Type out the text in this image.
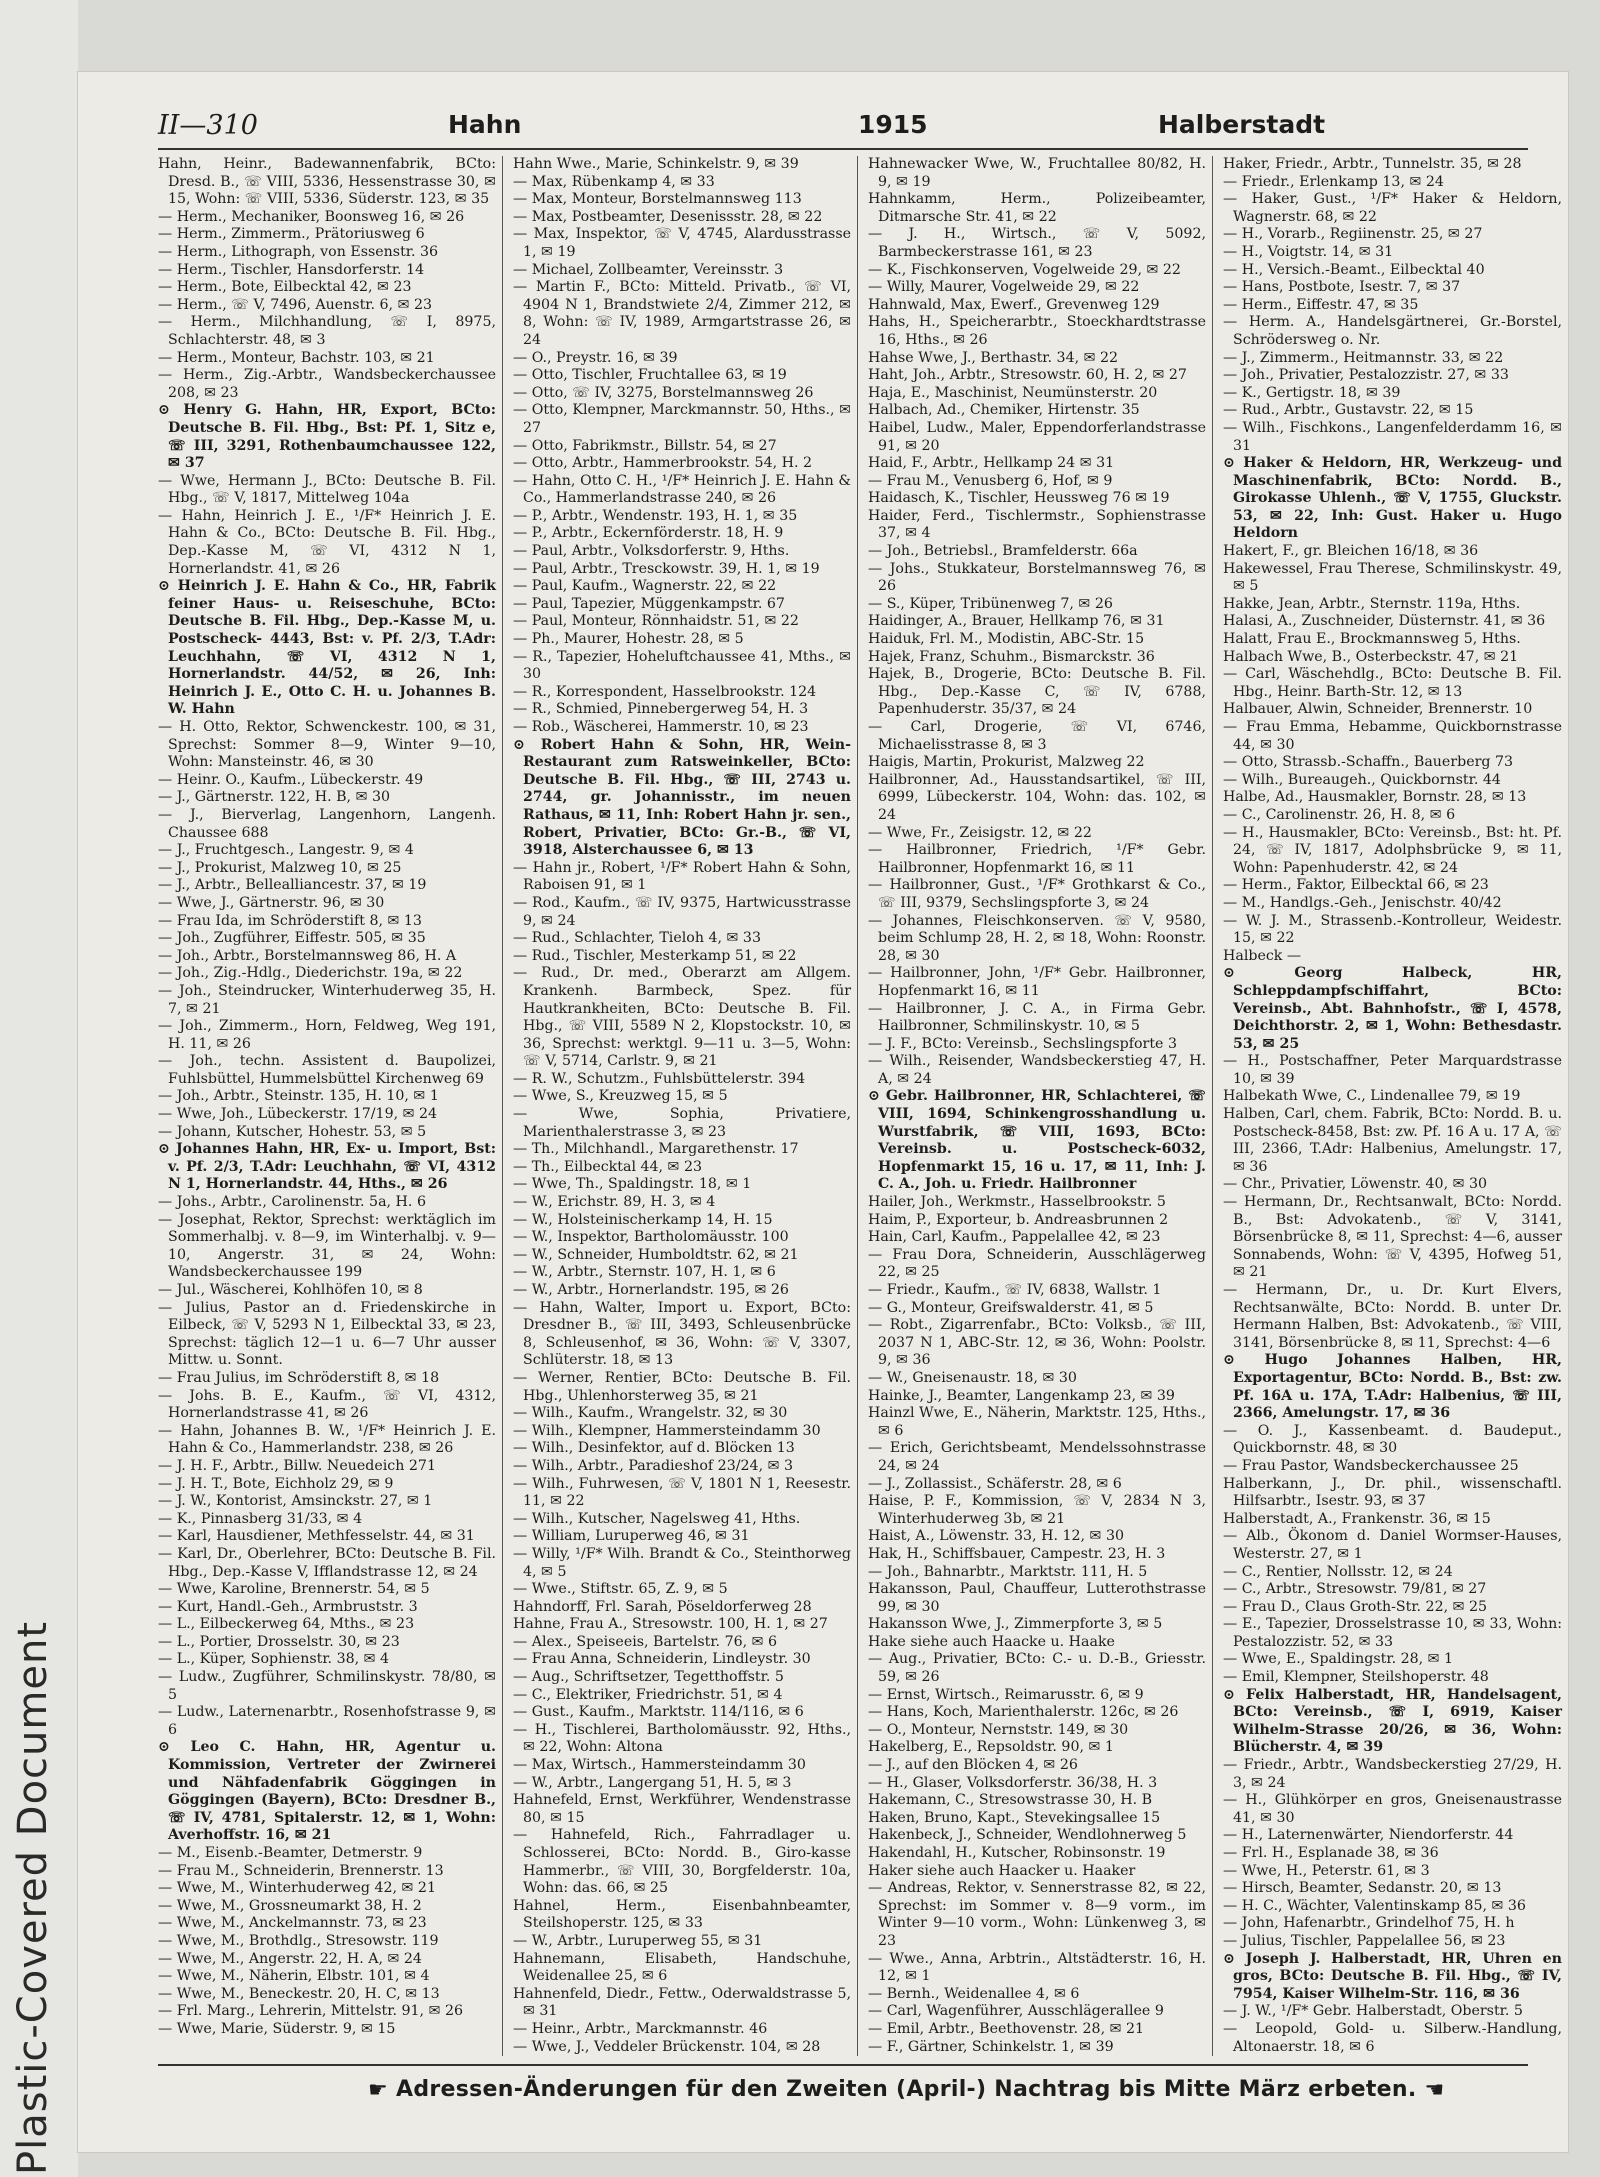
Plastic-Covered Document
II—310	Hahn	1915	Halberstadt

Hahn, Heinr., Badewannenfabrik, BCto: Dresd. B., ☏ VIII, 5336, Hessenstrasse 30, ✉ 15, Wohn: ☏ VIII, 5336, Süderstr. 123, ✉ 35

— Herm., Mechaniker, Boonsweg 16, ✉ 26

— Herm., Zimmerm., Prätoriusweg 6

— Herm., Lithograph, von Essenstr. 36

— Herm., Tischler, Hansdorferstr. 14

— Herm., Bote, Eilbecktal 42, ✉ 23

— Herm., ☏ V, 7496, Auenstr. 6, ✉ 23

— Herm., Milchhandlung, ☏ I, 8975, Schlachterstr. 48, ✉ 3

— Herm., Monteur, Bachstr. 103, ✉ 21

— Herm., Zig.-Arbtr., Wandsbeckerchaussee 208, ✉ 23

⊙ Henry G. Hahn, HR, Export, BCto: Deutsche B. Fil. Hbg., Bst: Pf. 1, Sitz e, ☏ III, 3291, Rothenbaumchaussee 122, ✉ 37

— Wwe, Hermann J., BCto: Deutsche B. Fil. Hbg., ☏ V, 1817, Mittelweg 104a

— Hahn, Heinrich J. E., ¹/F* Heinrich J. E. Hahn & Co., BCto: Deutsche B. Fil. Hbg., Dep.-Kasse M, ☏ VI, 4312 N 1, Hornerlandstr. 41, ✉ 26

⊙ Heinrich J. E. Hahn & Co., HR, Fabrik feiner Haus- u. Reiseschuhe, BCto: Deutsche B. Fil. Hbg., Dep.-Kasse M, u. Postscheck- 4443, Bst: v. Pf. 2/3, T.Adr: Leuchhahn, ☏ VI, 4312 N 1, Hornerlandstr. 44/52, ✉ 26, Inh: Heinrich J. E., Otto C. H. u. Johannes B. W. Hahn

— H. Otto, Rektor, Schwenckestr. 100, ✉ 31, Sprechst: Sommer 8—9, Winter 9—10, Wohn: Mansteinstr. 46, ✉ 30

— Heinr. O., Kaufm., Lübeckerstr. 49

— J., Gärtnerstr. 122, H. B, ✉ 30

— J., Bierverlag, Langenhorn, Langenh. Chaussee 688

— J., Fruchtgesch., Langestr. 9, ✉ 4

— J., Prokurist, Malzweg 10, ✉ 25

— J., Arbtr., Bellealliancestr. 37, ✉ 19

— Wwe, J., Gärtnerstr. 96, ✉ 30

— Frau Ida, im Schröderstift 8, ✉ 13

— Joh., Zugführer, Eiffestr. 505, ✉ 35

— Joh., Arbtr., Borstelmannsweg 86, H. A

— Joh., Zig.-Hdlg., Diederichstr. 19a, ✉ 22

— Joh., Steindrucker, Winterhuderweg 35, H. 7, ✉ 21

— Joh., Zimmerm., Horn, Feldweg, Weg 191, H. 11, ✉ 26

— Joh., techn. Assistent d. Baupolizei, Fuhlsbüttel, Hummelsbüttel Kirchenweg 69

— Joh., Arbtr., Steinstr. 135, H. 10, ✉ 1

— Wwe, Joh., Lübeckerstr. 17/19, ✉ 24

— Johann, Kutscher, Hohestr. 53, ✉ 5

⊙ Johannes Hahn, HR, Ex- u. Import, Bst: v. Pf. 2/3, T.Adr: Leuchhahn, ☏ VI, 4312 N 1, Hornerlandstr. 44, Hths., ✉ 26

— Johs., Arbtr., Carolinenstr. 5a, H. 6

— Josephat, Rektor, Sprechst: werktäglich im Sommerhalbj. v. 8—9, im Winterhalbj. v. 9—10, Angerstr. 31, ✉ 24, Wohn: Wandsbeckerchaussee 199

— Jul., Wäscherei, Kohlhöfen 10, ✉ 8

— Julius, Pastor an d. Friedenskirche in Eilbeck, ☏ V, 5293 N 1, Eilbecktal 33, ✉ 23, Sprechst: täglich 12—1 u. 6—7 Uhr ausser Mittw. u. Sonnt.

— Frau Julius, im Schröderstift 8, ✉ 18

— Johs. B. E., Kaufm., ☏ VI, 4312, Hornerlandstrasse 41, ✉ 26

— Hahn, Johannes B. W., ¹/F* Heinrich J. E. Hahn & Co., Hammerlandstr. 238, ✉ 26

— J. H. F., Arbtr., Billw. Neuedeich 271

— J. H. T., Bote, Eichholz 29, ✉ 9

— J. W., Kontorist, Amsinckstr. 27, ✉ 1

— K., Pinnasberg 31/33, ✉ 4

— Karl, Hausdiener, Methfesselstr. 44, ✉ 31

— Karl, Dr., Oberlehrer, BCto: Deutsche B. Fil. Hbg., Dep.-Kasse V, Ifflandstrasse 12, ✉ 24

— Wwe, Karoline, Brennerstr. 54, ✉ 5

— Kurt, Handl.-Geh., Armbruststr. 3

— L., Eilbeckerweg 64, Mths., ✉ 23

— L., Portier, Drosselstr. 30, ✉ 23

— L., Küper, Sophienstr. 38, ✉ 4

— Ludw., Zugführer, Schmilinskystr. 78/80, ✉ 5

— Ludw., Laternenarbtr., Rosenhofstrasse 9, ✉ 6

⊙ Leo C. Hahn, HR, Agentur u. Kommission, Vertreter der Zwirnerei und Nähfadenfabrik Göggingen in Göggingen (Bayern), BCto: Dresdner B., ☏ IV, 4781, Spitalerstr. 12, ✉ 1, Wohn: Averhoffstr. 16, ✉ 21

— M., Eisenb.-Beamter, Detmerstr. 9

— Frau M., Schneiderin, Brennerstr. 13

— Wwe, M., Winterhuderweg 42, ✉ 21

— Wwe, M., Grossneumarkt 38, H. 2

— Wwe, M., Anckelmannstr. 73, ✉ 23

— Wwe, M., Brothdlg., Stresowstr. 119

— Wwe, M., Angerstr. 22, H. A, ✉ 24

— Wwe, M., Näherin, Elbstr. 101, ✉ 4

— Wwe, M., Beneckestr. 20, H. C, ✉ 13

— Frl. Marg., Lehrerin, Mittelstr. 91, ✉ 26

— Wwe, Marie, Süderstr. 9, ✉ 15

Hahn Wwe., Marie, Schinkelstr. 9, ✉ 39

— Max, Rübenkamp 4, ✉ 33

— Max, Monteur, Borstelmannsweg 113

— Max, Postbeamter, Desenissstr. 28, ✉ 22

— Max, Inspektor, ☏ V, 4745, Alardusstrasse 1, ✉ 19

— Michael, Zollbeamter, Vereinsstr. 3

— Martin F., BCto: Mitteld. Privatb., ☏ VI, 4904 N 1, Brandstwiete 2/4, Zimmer 212, ✉ 8, Wohn: ☏ IV, 1989, Armgartstrasse 26, ✉ 24

— O., Preystr. 16, ✉ 39

— Otto, Tischler, Fruchtallee 63, ✉ 19

— Otto, ☏ IV, 3275, Borstelmannsweg 26

— Otto, Klempner, Marckmannstr. 50, Hths., ✉ 27

— Otto, Fabrikmstr., Billstr. 54, ✉ 27

— Otto, Arbtr., Hammerbrookstr. 54, H. 2

— Hahn, Otto C. H., ¹/F* Heinrich J. E. Hahn & Co., Hammerlandstrasse 240, ✉ 26

— P., Arbtr., Wendenstr. 193, H. 1, ✉ 35

— P., Arbtr., Eckernförderstr. 18, H. 9

— Paul, Arbtr., Volksdorferstr. 9, Hths.

— Paul, Arbtr., Tresckowstr. 39, H. 1, ✉ 19

— Paul, Kaufm., Wagnerstr. 22, ✉ 22

— Paul, Tapezier, Müggenkampstr. 67

— Paul, Monteur, Rönnhaidstr. 51, ✉ 22

— Ph., Maurer, Hohestr. 28, ✉ 5

— R., Tapezier, Hoheluftchaussee 41, Mths., ✉ 30

— R., Korrespondent, Hasselbrookstr. 124

— R., Schmied, Pinnebergerweg 54, H. 3

— Rob., Wäscherei, Hammerstr. 10, ✉ 23

⊙ Robert Hahn & Sohn, HR, Wein-Restaurant zum Ratsweinkeller, BCto: Deutsche B. Fil. Hbg., ☏ III, 2743 u. 2744, gr. Johannisstr., im neuen Rathaus, ✉ 11, Inh: Robert Hahn jr. sen., Robert, Privatier, BCto: Gr.-B., ☏ VI, 3918, Alsterchaussee 6, ✉ 13

— Hahn jr., Robert, ¹/F* Robert Hahn & Sohn, Raboisen 91, ✉ 1

— Rod., Kaufm., ☏ IV, 9375, Hartwicusstrasse 9, ✉ 24

— Rud., Schlachter, Tieloh 4, ✉ 33

— Rud., Tischler, Mesterkamp 51, ✉ 22

— Rud., Dr. med., Oberarzt am Allgem. Krankenh. Barmbeck, Spez. für Hautkrankheiten, BCto: Deutsche B. Fil. Hbg., ☏ VIII, 5589 N 2, Klopstockstr. 10, ✉ 36, Sprechst: werktgl. 9—11 u. 3—5, Wohn: ☏ V, 5714, Carlstr. 9, ✉ 21

— R. W., Schutzm., Fuhlsbüttelerstr. 394

— Wwe, S., Kreuzweg 15, ✉ 5

— Wwe, Sophia, Privatiere, Marienthalerstrasse 3, ✉ 23

— Th., Milchhandl., Margarethenstr. 17

— Th., Eilbecktal 44, ✉ 23

— Wwe, Th., Spaldingstr. 18, ✉ 1

— W., Erichstr. 89, H. 3, ✉ 4

— W., Holsteinischerkamp 14, H. 15

— W., Inspektor, Bartholomäusstr. 100

— W., Schneider, Humboldtstr. 62, ✉ 21

— W., Arbtr., Sternstr. 107, H. 1, ✉ 6

— W., Arbtr., Hornerlandstr. 195, ✉ 26

— Hahn, Walter, Import u. Export, BCto: Dresdner B., ☏ III, 3493, Schleusenbrücke 8, Schleusenhof, ✉ 36, Wohn: ☏ V, 3307, Schlüterstr. 18, ✉ 13

— Werner, Rentier, BCto: Deutsche B. Fil. Hbg., Uhlenhorsterweg 35, ✉ 21

— Wilh., Kaufm., Wrangelstr. 32, ✉ 30

— Wilh., Klempner, Hammersteindamm 30

— Wilh., Desinfektor, auf d. Blöcken 13

— Wilh., Arbtr., Paradieshof 23/24, ✉ 3

— Wilh., Fuhrwesen, ☏ V, 1801 N 1, Reesestr. 11, ✉ 22

— Wilh., Kutscher, Nagelsweg 41, Hths.

— William, Luruperweg 46, ✉ 31

— Willy, ¹/F* Wilh. Brandt & Co., Steinthorweg 4, ✉ 5

— Wwe., Stiftstr. 65, Z. 9, ✉ 5

Hahndorff, Frl. Sarah, Pöseldorferweg 28

Hahne, Frau A., Stresowstr. 100, H. 1, ✉ 27

— Alex., Speiseeis, Bartelstr. 76, ✉ 6

— Frau Anna, Schneiderin, Lindleystr. 30

— Aug., Schriftsetzer, Tegetthoffstr. 5

— C., Elektriker, Friedrichstr. 51, ✉ 4

— Gust., Kaufm., Marktstr. 114/116, ✉ 6

— H., Tischlerei, Bartholomäusstr. 92, Hths., ✉ 22, Wohn: Altona

— Max, Wirtsch., Hammersteindamm 30

— W., Arbtr., Langergang 51, H. 5, ✉ 3

Hahnefeld, Ernst, Werkführer, Wendenstrasse 80, ✉ 15

— Hahnefeld, Rich., Fahrradlager u. Schlosserei, BCto: Nordd. B., Giro-kasse Hammerbr., ☏ VIII, 30, Borgfelderstr. 10a, Wohn: das. 66, ✉ 25

Hahnel, Herm., Eisenbahnbeamter, Steilshoperstr. 125, ✉ 33

— W., Arbtr., Luruperweg 55, ✉ 31

Hahnemann, Elisabeth, Handschuhe, Weidenallee 25, ✉ 6

Hahnenfeld, Diedr., Fettw., Oderwaldstrasse 5, ✉ 31

— Heinr., Arbtr., Marckmannstr. 46

— Wwe, J., Veddeler Brückenstr. 104, ✉ 28

Hahnewacker Wwe, W., Fruchtallee 80/82, H. 9, ✉ 19

Hahnkamm, Herm., Polizeibeamter, Ditmarsche Str. 41, ✉ 22

— J. H., Wirtsch., ☏ V, 5092, Barmbeckerstrasse 161, ✉ 23

— K., Fischkonserven, Vogelweide 29, ✉ 22

— Willy, Maurer, Vogelweide 29, ✉ 22

Hahnwald, Max, Ewerf., Grevenweg 129

Hahs, H., Speicherarbtr., Stoeckhardtstrasse 16, Hths., ✉ 26

Hahse Wwe, J., Berthastr. 34, ✉ 22

Haht, Joh., Arbtr., Stresowstr. 60, H. 2, ✉ 27

Haja, E., Maschinist, Neumünsterstr. 20

Halbach, Ad., Chemiker, Hirtenstr. 35

Haibel, Ludw., Maler, Eppendorferlandstrasse 91, ✉ 20

Haid, F., Arbtr., Hellkamp 24 ✉ 31

— Frau M., Venusberg 6, Hof, ✉ 9

Haidasch, K., Tischler, Heussweg 76 ✉ 19

Haider, Ferd., Tischlermstr., Sophienstrasse 37, ✉ 4

— Joh., Betriebsl., Bramfelderstr. 66a

— Johs., Stukkateur, Borstelmannsweg 76, ✉ 26

— S., Küper, Tribünenweg 7, ✉ 26

Haidinger, A., Brauer, Hellkamp 76, ✉ 31

Haiduk, Frl. M., Modistin, ABC-Str. 15

Hajek, Franz, Schuhm., Bismarckstr. 36

Hajek, B., Drogerie, BCto: Deutsche B. Fil. Hbg., Dep.-Kasse C, ☏ IV, 6788, Papenhuderstr. 35/37, ✉ 24

— Carl, Drogerie, ☏ VI, 6746, Michaelisstrasse 8, ✉ 3

Haigis, Martin, Prokurist, Malzweg 22

Hailbronner, Ad., Hausstandsartikel, ☏ III, 6999, Lübeckerstr. 104, Wohn: das. 102, ✉ 24

— Wwe, Fr., Zeisigstr. 12, ✉ 22

— Hailbronner, Friedrich, ¹/F* Gebr. Hailbronner, Hopfenmarkt 16, ✉ 11

— Hailbronner, Gust., ¹/F* Grothkarst & Co., ☏ III, 9379, Sechslingspforte 3, ✉ 24

— Johannes, Fleischkonserven. ☏ V, 9580, beim Schlump 28, H. 2, ✉ 18, Wohn: Roonstr. 28, ✉ 30

— Hailbronner, John, ¹/F* Gebr. Hailbronner, Hopfenmarkt 16, ✉ 11

— Hailbronner, J. C. A., in Firma Gebr. Hailbronner, Schmilinskystr. 10, ✉ 5

— J. F., BCto: Vereinsb., Sechslingspforte 3

— Wilh., Reisender, Wandsbeckerstieg 47, H. A, ✉ 24

⊙ Gebr. Hailbronner, HR, Schlachterei, ☏ VIII, 1694, Schinkengrosshandlung u. Wurstfabrik, ☏ VIII, 1693, BCto: Vereinsb. u. Postscheck-6032, Hopfenmarkt 15, 16 u. 17, ✉ 11, Inh: J. C. A., Joh. u. Friedr. Hailbronner

Hailer, Joh., Werkmstr., Hasselbrookstr. 5

Haim, P., Exporteur, b. Andreasbrunnen 2

Hain, Carl, Kaufm., Pappelallee 42, ✉ 23

— Frau Dora, Schneiderin, Ausschlägerweg 22, ✉ 25

— Friedr., Kaufm., ☏ IV, 6838, Wallstr. 1

— G., Monteur, Greifswalderstr. 41, ✉ 5

— Robt., Zigarrenfabr., BCto: Volksb., ☏ III, 2037 N 1, ABC-Str. 12, ✉ 36, Wohn: Poolstr. 9, ✉ 36

— W., Gneisenaustr. 18, ✉ 30

Hainke, J., Beamter, Langenkamp 23, ✉ 39

Hainzl Wwe, E., Näherin, Marktstr. 125, Hths., ✉ 6

— Erich, Gerichtsbeamt, Mendelssohnstrasse 24, ✉ 24

— J., Zollassist., Schäferstr. 28, ✉ 6

Haise, P. F., Kommission, ☏ V, 2834 N 3, Winterhuderweg 3b, ✉ 21

Haist, A., Löwenstr. 33, H. 12, ✉ 30

Hak, H., Schiffsbauer, Campestr. 23, H. 3

— Joh., Bahnarbtr., Marktstr. 111, H. 5

Hakansson, Paul, Chauffeur, Lutterothstrasse 99, ✉ 30

Hakansson Wwe, J., Zimmerpforte 3, ✉ 5

Hake siehe auch Haacke u. Haake

— Aug., Privatier, BCto: C.- u. D.-B., Griesstr. 59, ✉ 26

— Ernst, Wirtsch., Reimarusstr. 6, ✉ 9

— Hans, Koch, Marienthalerstr. 126c, ✉ 26

— O., Monteur, Nernststr. 149, ✉ 30

Hakelberg, E., Repsoldstr. 90, ✉ 1

— J., auf den Blöcken 4, ✉ 26

— H., Glaser, Volksdorferstr. 36/38, H. 3

Hakemann, C., Stresowstrasse 30, H. B

Haken, Bruno, Kapt., Stevekingsallee 15

Hakenbeck, J., Schneider, Wendlohnerweg 5

Hakendahl, H., Kutscher, Robinsonstr. 19

Haker siehe auch Haacker u. Haaker

— Andreas, Rektor, v. Sennerstrasse 82, ✉ 22, Sprechst: im Sommer v. 8—9 vorm., im Winter 9—10 vorm., Wohn: Lünkenweg 3, ✉ 23

— Wwe., Anna, Arbtrin., Altstädterstr. 16, H. 12, ✉ 1

— Bernh., Weidenallee 4, ✉ 6

— Carl, Wagenführer, Ausschlägerallee 9

— Emil, Arbtr., Beethovenstr. 28, ✉ 21

— F., Gärtner, Schinkelstr. 1, ✉ 39

Haker, Friedr., Arbtr., Tunnelstr. 35, ✉ 28

— Friedr., Erlenkamp 13, ✉ 24

— Haker, Gust., ¹/F* Haker & Heldorn, Wagnerstr. 68, ✉ 22

— H., Vorarb., Regiinenstr. 25, ✉ 27

— H., Voigtstr. 14, ✉ 31

— H., Versich.-Beamt., Eilbecktal 40

— Hans, Postbote, Isestr. 7, ✉ 37

— Herm., Eiffestr. 47, ✉ 35

— Herm. A., Handelsgärtnerei, Gr.-Borstel, Schrödersweg o. Nr.

— J., Zimmerm., Heitmannstr. 33, ✉ 22

— Joh., Privatier, Pestalozzistr. 27, ✉ 33

— K., Gertigstr. 18, ✉ 39

— Rud., Arbtr., Gustavstr. 22, ✉ 15

— Wilh., Fischkons., Langenfelderdamm 16, ✉ 31

⊙ Haker & Heldorn, HR, Werkzeug- und Maschinenfabrik, BCto: Nordd. B., Girokasse Uhlenh., ☏ V, 1755, Gluckstr. 53, ✉ 22, Inh: Gust. Haker u. Hugo Heldorn

Hakert, F., gr. Bleichen 16/18, ✉ 36

Hakewessel, Frau Therese, Schmilinskystr. 49, ✉ 5

Hakke, Jean, Arbtr., Sternstr. 119a, Hths.

Halasi, A., Zuschneider, Düsternstr. 41, ✉ 36

Halatt, Frau E., Brockmannsweg 5, Hths.

Halbach Wwe, B., Osterbeckstr. 47, ✉ 21

— Carl, Wäschehdlg., BCto: Deutsche B. Fil. Hbg., Heinr. Barth-Str. 12, ✉ 13

Halbauer, Alwin, Schneider, Brennerstr. 10

— Frau Emma, Hebamme, Quickbornstrasse 44, ✉ 30

— Otto, Strassb.-Schaffn., Bauerberg 73

— Wilh., Bureaugeh., Quickbornstr. 44

Halbe, Ad., Hausmakler, Bornstr. 28, ✉ 13

— C., Carolinenstr. 26, H. 8, ✉ 6

— H., Hausmakler, BCto: Vereinsb., Bst: ht. Pf. 24, ☏ IV, 1817, Adolphsbrücke 9, ✉ 11, Wohn: Papenhuderstr. 42, ✉ 24

— Herm., Faktor, Eilbecktal 66, ✉ 23

— M., Handlgs.-Geh., Jenischstr. 40/42

— W. J. M., Strassenb.-Kontrolleur, Weidestr. 15, ✉ 22

Halbeck —

⊙ Georg Halbeck, HR, Schleppdampfschiffahrt, BCto: Vereinsb., Abt. Bahnhofstr., ☏ I, 4578, Deichthorstr. 2, ✉ 1, Wohn: Bethesdastr. 53, ✉ 25

— H., Postschaffner, Peter Marquardstrasse 10, ✉ 39

Halbekath Wwe, C., Lindenallee 79, ✉ 19

Halben, Carl, chem. Fabrik, BCto: Nordd. B. u. Postscheck-8458, Bst: zw. Pf. 16 A u. 17 A, ☏ III, 2366, T.Adr: Halbenius, Amelungstr. 17, ✉ 36

— Chr., Privatier, Löwenstr. 40, ✉ 30

— Hermann, Dr., Rechtsanwalt, BCto: Nordd. B., Bst: Advokatenb., ☏ V, 3141, Börsenbrücke 8, ✉ 11, Sprechst: 4—6, ausser Sonnabends, Wohn: ☏ V, 4395, Hofweg 51, ✉ 21

— Hermann, Dr., u. Dr. Kurt Elvers, Rechtsanwälte, BCto: Nordd. B. unter Dr. Hermann Halben, Bst: Advokatenb., ☏ VIII, 3141, Börsenbrücke 8, ✉ 11, Sprechst: 4—6

⊙ Hugo Johannes Halben, HR, Exportagentur, BCto: Nordd. B., Bst: zw. Pf. 16A u. 17A, T.Adr: Halbenius, ☏ III, 2366, Amelungstr. 17, ✉ 36

— O. J., Kassenbeamt. d. Baudeput., Quickbornstr. 48, ✉ 30

— Frau Pastor, Wandsbeckerchaussee 25

Halberkann, J., Dr. phil., wissenschaftl. Hilfsarbtr., Isestr. 93, ✉ 37

Halberstadt, A., Frankenstr. 36, ✉ 15

— Alb., Ökonom d. Daniel Wormser-Hauses, Westerstr. 27, ✉ 1

— C., Rentier, Nollsstr. 12, ✉ 24

— C., Arbtr., Stresowstr. 79/81, ✉ 27

— Frau D., Claus Groth-Str. 22, ✉ 25

— E., Tapezier, Drosselstrasse 10, ✉ 33, Wohn: Pestalozzistr. 52, ✉ 33

— Wwe, E., Spaldingstr. 28, ✉ 1

— Emil, Klempner, Steilshoperstr. 48

⊙ Felix Halberstadt, HR, Handelsagent, BCto: Vereinsb., ☏ I, 6919, Kaiser Wilhelm-Strasse 20/26, ✉ 36, Wohn: Blücherstr. 4, ✉ 39

— Friedr., Arbtr., Wandsbeckerstieg 27/29, H. 3, ✉ 24

— H., Glühkörper en gros, Gneisenaustrasse 41, ✉ 30

— H., Laternenwärter, Niendorferstr. 44

— Frl. H., Esplanade 38, ✉ 36

— Wwe, H., Peterstr. 61, ✉ 3

— Hirsch, Beamter, Sedanstr. 20, ✉ 13

— H. C., Wächter, Valentinskamp 85, ✉ 36

— John, Hafenarbtr., Grindelhof 75, H. h

— Julius, Tischler, Pappelallee 56, ✉ 23

⊙ Joseph J. Halberstadt, HR, Uhren en gros, BCto: Deutsche B. Fil. Hbg., ☏ IV, 7954, Kaiser Wilhelm-Str. 116, ✉ 36

— J. W., ¹/F* Gebr. Halberstadt, Oberstr. 5

— Leopold, Gold- u. Silberw.-Handlung, Altonaerstr. 18, ✉ 6

☛ Adressen-Änderungen für den Zweiten (April-) Nachtrag bis Mitte März erbeten. ☚
